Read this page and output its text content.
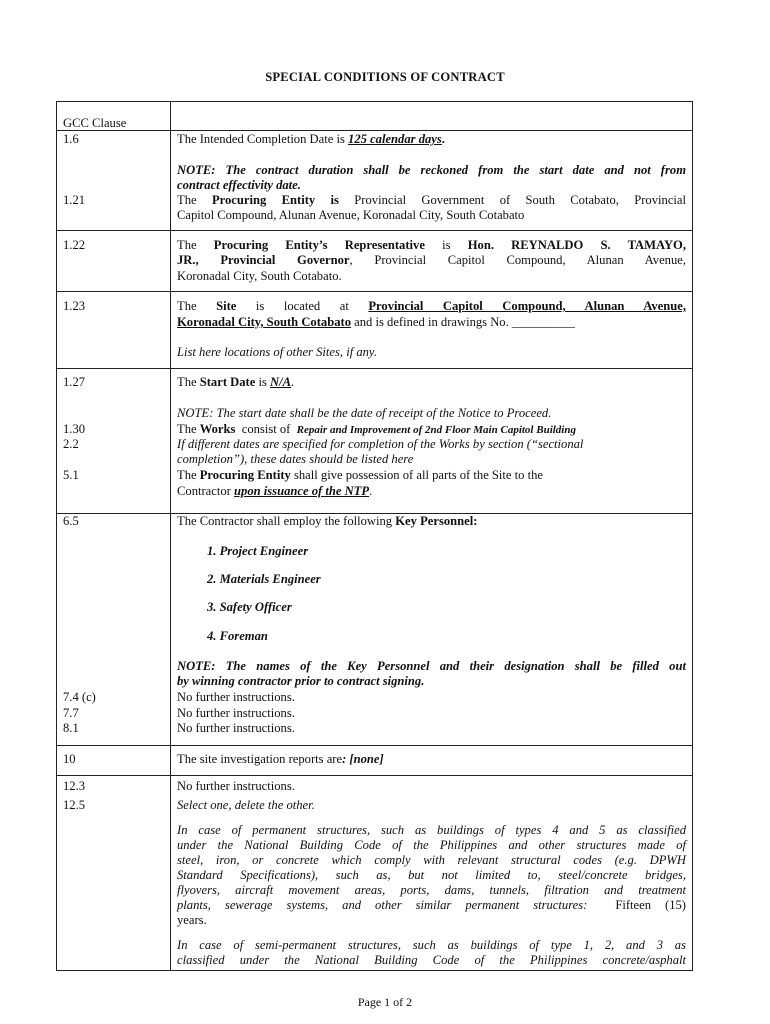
SPECIAL CONDITIONS OF CONTRACT
GCC Clause
1.6	The Intended Completion Date is 125 calendar days.
NOTE: The contract duration shall be reckoned from the start date and not from
contract effectivity date.
1.21	The Procuring Entity is Provincial Government of South Cotabato, Provincial
Capitol Compound, Alunan Avenue, Koronadal City, South Cotabato
1.22	The Procuring Entity’s Representative is Hon. REYNALDO S. TAMAYO,
JR., Provincial Governor, Provincial Capitol Compound, Alunan Avenue,
Koronadal City, South Cotabato.
1.23	The Site is located at Provincial Capitol Compound, Alunan Avenue,
Koronadal City, South Cotabato and is defined in drawings No. __________
List here locations of other Sites, if any.
1.27	The Start Date is N/A.
NOTE: The start date shall be the date of receipt of the Notice to Proceed.
1.30	The Works  consist of  Repair and Improvement of 2nd Floor Main Capitol Building
2.2	If different dates are specified for completion of the Works by section (“sectional
completion”), these dates should be listed here
5.1	The Procuring Entity shall give possession of all parts of the Site to the
Contractor upon issuance of the NTP.
6.5	The Contractor shall employ the following Key Personnel:
1. Project Engineer
2. Materials Engineer
3. Safety Officer
4. Foreman
NOTE: The names of the Key Personnel and their designation shall be filled out
by winning contractor prior to contract signing.
7.4 (c)	No further instructions.
7.7	No further instructions.
8.1	No further instructions.
10	The site investigation reports are: [none]
12.3	No further instructions.
12.5	Select one, delete the other.
In case of permanent structures, such as buildings of types 4 and 5 as classified
under the National Building Code of the Philippines and other structures made of
steel, iron, or concrete which comply with relevant structural codes (e.g. DPWH
Standard Specifications), such as, but not limited to, steel/concrete bridges,
flyovers, aircraft movement areas, ports, dams, tunnels, filtration and treatment
plants, sewerage systems, and other similar permanent structures:  Fifteen (15)
years.
In case of semi-permanent structures, such as buildings of type 1, 2, and 3 as
classified under the National Building Code of the Philippines concrete/asphalt
Page 1 of 2
